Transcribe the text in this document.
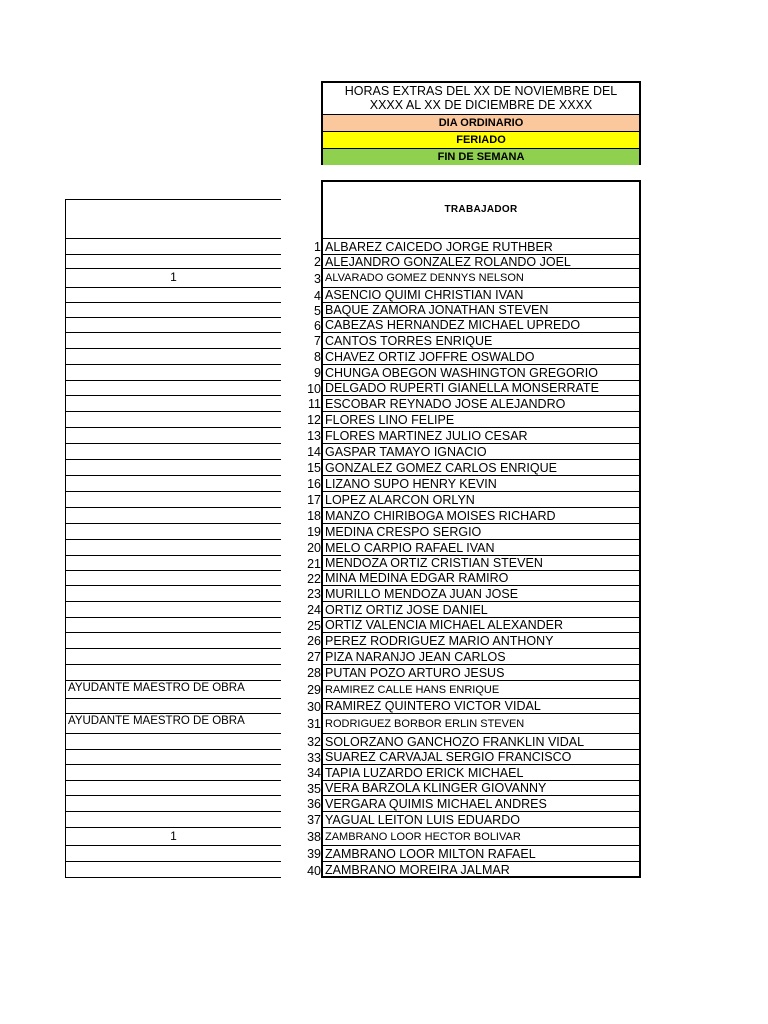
HORAS EXTRAS DEL XX DE NOVIEMBRE DEL
XXXX AL XX DE DICIEMBRE DE XXXX
DIA ORDINARIO
FERIADO
FIN DE SEMANA
1
AYUDANTE MAESTRO DE OBRA
AYUDANTE MAESTRO DE OBRA
1
1
2
3
4
5
6
7
8
9
10
11
12
13
14
15
16
17
18
19
20
21
22
23
24
25
26
27
28
29
30
31
32
33
34
35
36
37
38
39
40
TRABAJADOR
ALBAREZ CAICEDO JORGE RUTHBER
ALEJANDRO GONZALEZ ROLANDO JOEL
ALVARADO GOMEZ DENNYS NELSON
ASENCIO QUIMI CHRISTIAN IVAN
BAQUE ZAMORA JONATHAN STEVEN
CABEZAS HERNANDEZ MICHAEL UPREDO
CANTOS TORRES ENRIQUE
CHAVEZ ORTIZ JOFFRE OSWALDO
CHUNGA OBEGON WASHINGTON GREGORIO
DELGADO RUPERTI GIANELLA MONSERRATE
ESCOBAR REYNADO JOSE ALEJANDRO
FLORES LINO FELIPE
FLORES MARTINEZ JULIO CESAR
GASPAR TAMAYO IGNACIO
GONZALEZ GOMEZ CARLOS ENRIQUE
LIZANO SUPO HENRY KEVIN
LOPEZ ALARCON ORLYN
MANZO CHIRIBOGA MOISES RICHARD
MEDINA CRESPO SERGIO
MELO CARPIO RAFAEL IVAN
MENDOZA ORTIZ CRISTIAN STEVEN
MINA MEDINA EDGAR RAMIRO
MURILLO MENDOZA JUAN JOSE
ORTIZ ORTIZ JOSE DANIEL
ORTIZ VALENCIA MICHAEL ALEXANDER
PEREZ RODRIGUEZ MARIO ANTHONY
PIZA NARANJO JEAN CARLOS
PUTAN POZO ARTURO JESUS
RAMIREZ CALLE HANS ENRIQUE
RAMIREZ QUINTERO VICTOR VIDAL
RODRIGUEZ BORBOR ERLIN STEVEN
SOLORZANO GANCHOZO FRANKLIN VIDAL
SUAREZ CARVAJAL SERGIO FRANCISCO
TAPIA LUZARDO ERICK MICHAEL
VERA BARZOLA KLINGER GIOVANNY
VERGARA QUIMIS MICHAEL ANDRES
YAGUAL LEITON LUIS EDUARDO
ZAMBRANO LOOR HECTOR BOLIVAR
ZAMBRANO LOOR MILTON RAFAEL
ZAMBRANO MOREIRA JALMAR
